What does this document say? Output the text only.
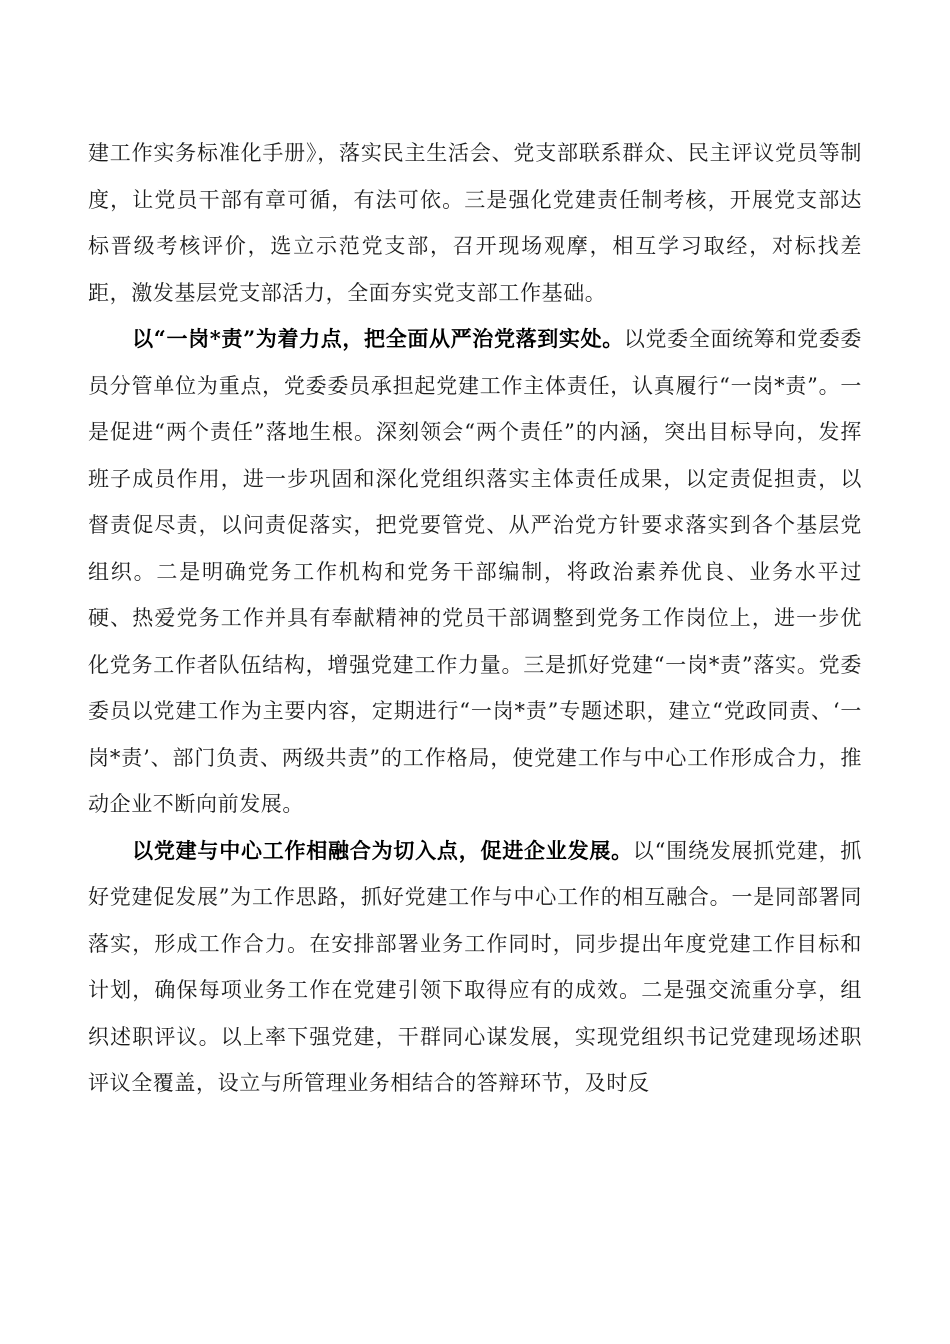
建工作实务标准化手册》，落实民主生活会、党支部联系群众、民主评议党员等制度，让党员干部有章可循，有法可依。三是强化党建责任制考核，开展党支部达标晋级考核评价，选立示范党支部，召开现场观摩，相互学习取经，对标找差距，激发基层党支部活力，全面夯实党支部工作基础。

以“一岗*责”为着力点，把全面从严治党落到实处。以党委全面统筹和党委委员分管单位为重点，党委委员承担起党建工作主体责任，认真履行“一岗*责”。一是促进“两个责任”落地生根。深刻领会“两个责任”的内涵，突出目标导向，发挥班子成员作用，进一步巩固和深化党组织落实主体责任成果，以定责促担责，以督责促尽责，以问责促落实，把党要管党、从严治党方针要求落实到各个基层党组织。二是明确党务工作机构和党务干部编制，将政治素养优良、业务水平过硬、热爱党务工作并具有奉献精神的党员干部调整到党务工作岗位上，进一步优化党务工作者队伍结构，增强党建工作力量。三是抓好党建“一岗*责”落实。党委委员以党建工作为主要内容，定期进行“一岗*责”专题述职，建立“党政同责、‘一岗*责’、部门负责、两级共责”的工作格局，使党建工作与中心工作形成合力，推动企业不断向前发展。

以党建与中心工作相融合为切入点，促进企业发展。以“围绕发展抓党建，抓好党建促发展”为工作思路，抓好党建工作与中心工作的相互融合。一是同部署同落实，形成工作合力。在安排部署业务工作同时，同步提出年度党建工作目标和计划，确保每项业务工作在党建引领下取得应有的成效。二是强交流重分享，组织述职评议。以上率下强党建，干群同心谋发展，实现党组织书记党建现场述职评议全覆盖，设立与所管理业务相结合的答辩环节，及时反
